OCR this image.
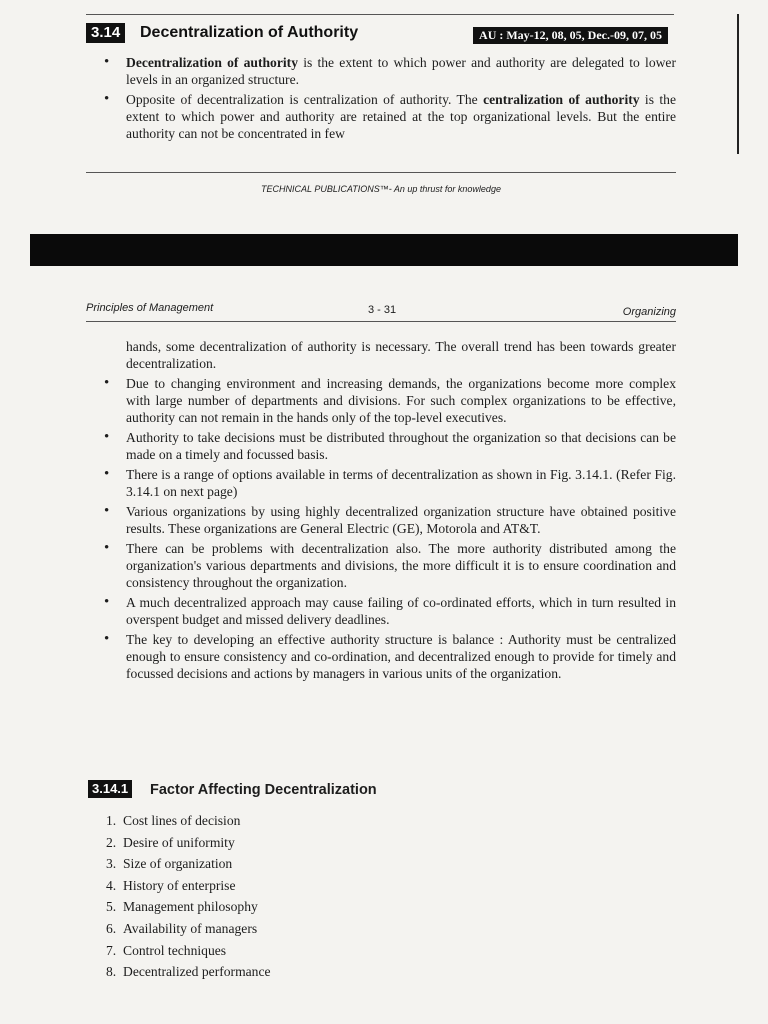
3.14	Decentralization of Authority	AU : May-12, 08, 05, Dec.-09, 07, 05
• Decentralization of authority is the extent to which power and authority are delegated to lower levels in an organized structure.
• Opposite of decentralization is centralization of authority. The centralization of authority is the extent to which power and authority are retained at the top organizational levels. But the entire authority can not be concentrated in few
TECHNICAL PUBLICATIONS™- An up thrust for knowledge
Principles of Management	3 - 31	Organizing
hands, some decentralization of authority is necessary. The overall trend has been towards greater decentralization.
• Due to changing environment and increasing demands, the organizations become more complex with large number of departments and divisions. For such complex organizations to be effective, authority can not remain in the hands only of the top-level executives.
• Authority to take decisions must be distributed throughout the organization so that decisions can be made on a timely and focussed basis.
• There is a range of options available in terms of decentralization as shown in Fig. 3.14.1. (Refer Fig. 3.14.1 on next page)
• Various organizations by using highly decentralized organization structure have obtained positive results. These organizations are General Electric (GE), Motorola and AT&T.
• There can be problems with decentralization also. The more authority distributed among the organization's various departments and divisions, the more difficult it is to ensure coordination and consistency throughout the organization.
• A much decentralized approach may cause failing of co-ordinated efforts, which in turn resulted in overspent budget and missed delivery deadlines.
• The key to developing an effective authority structure is balance : Authority must be centralized enough to ensure consistency and co-ordination, and decentralized enough to provide for timely and focussed decisions and actions by managers in various units of the organization.
3.14.1 Factor Affecting Decentralization
1. Cost lines of decision
2. Desire of uniformity
3. Size of organization
4. History of enterprise
5. Management philosophy
6. Availability of managers
7. Control techniques
8. Decentralized performance
